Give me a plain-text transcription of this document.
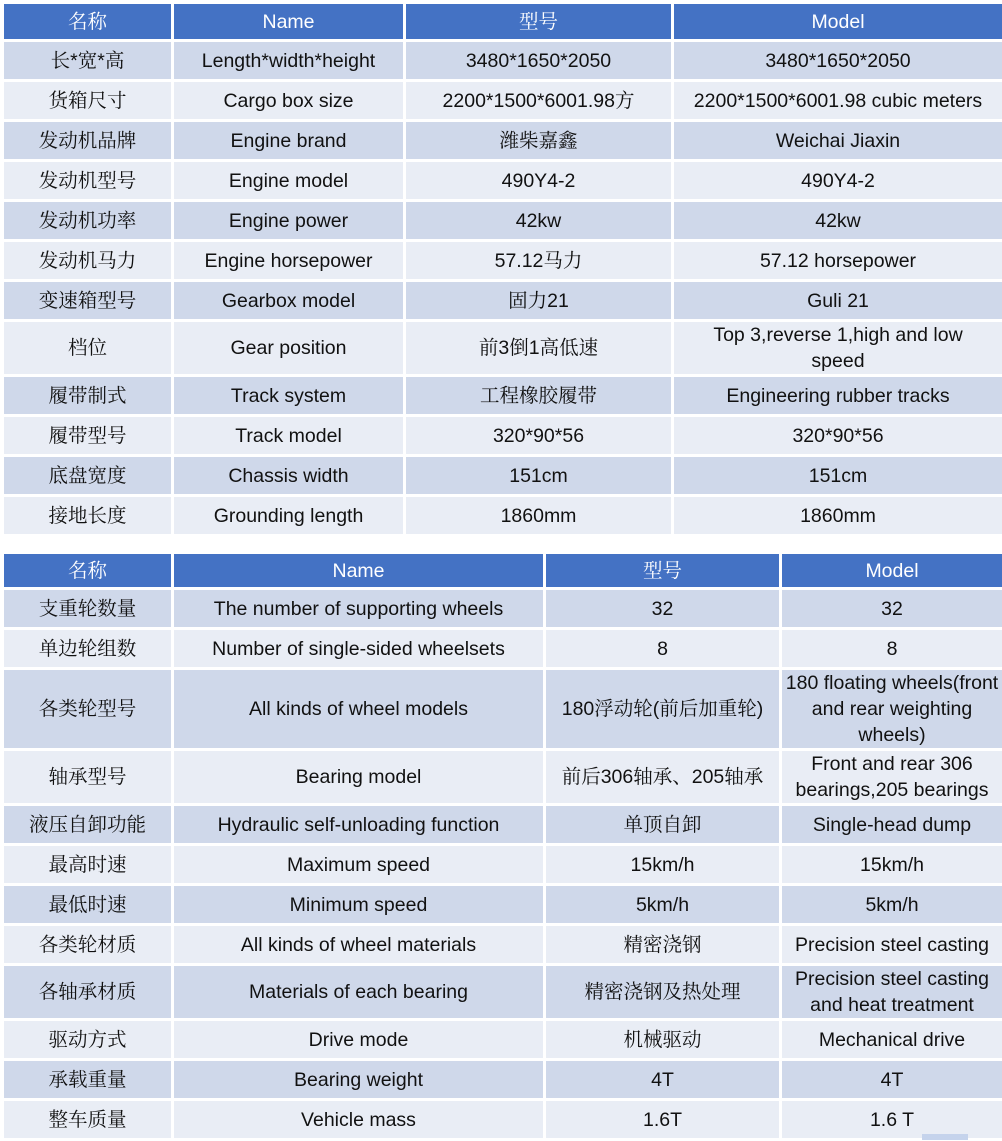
名称	Name	型号	Model
长*宽*高	Length*width*height	3480*1650*2050	3480*1650*2050
货箱尺寸	Cargo box size	2200*1500*6001.98方	2200*1500*6001.98 cubic meters
发动机品牌	Engine brand	潍柴嘉鑫	Weichai Jiaxin
发动机型号	Engine model	490Y4-2	490Y4-2
发动机功率	Engine power	42kw	42kw
发动机马力	Engine horsepower	57.12马力	57.12 horsepower
变速箱型号	Gearbox model	固力21	Guli 21
档位	Gear position	前3倒1高低速	Top 3,reverse 1,high and low speed
履带制式	Track system	工程橡胶履带	Engineering rubber tracks
履带型号	Track model	320*90*56	320*90*56
底盘宽度	Chassis width	151cm	151cm
接地长度	Grounding length	1860mm	1860mm
名称	Name	型号	Model
支重轮数量	The number of supporting wheels	32	32
单边轮组数	Number of single-sided wheelsets	8	8
各类轮型号	All kinds of wheel models	180浮动轮(前后加重轮)	180 floating wheels(front and rear weighting wheels)
轴承型号	Bearing model	前后306轴承、205轴承	Front and rear 306 bearings,205 bearings
液压自卸功能	Hydraulic self-unloading function	单顶自卸	Single-head dump
最高时速	Maximum speed	15km/h	15km/h
最低时速	Minimum speed	5km/h	5km/h
各类轮材质	All kinds of wheel materials	精密浇钢	Precision steel casting
各轴承材质	Materials of each bearing	精密浇钢及热处理	Precision steel casting and heat treatment
驱动方式	Drive mode	机械驱动	Mechanical drive
承载重量	Bearing weight	4T	4T
整车质量	Vehicle mass	1.6T	1.6 T
